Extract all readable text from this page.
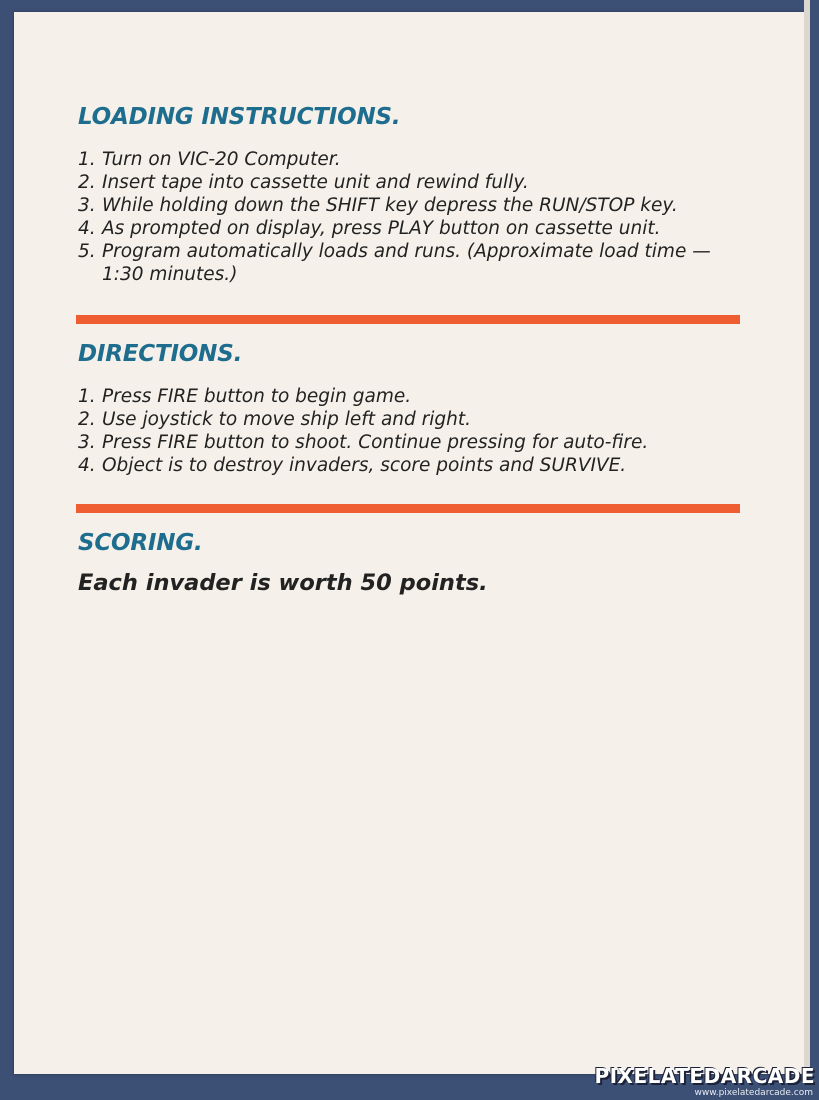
LOADING INSTRUCTIONS.
1. Turn on VIC-20 Computer.
2. Insert tape into cassette unit and rewind fully.
3. While holding down the SHIFT key depress the RUN/STOP key.
4. As prompted on display, press PLAY button on cassette unit.
5. Program automatically loads and runs. (Approximate load time — 1:30 minutes.)
DIRECTIONS.
1. Press FIRE button to begin game.
2. Use joystick to move ship left and right.
3. Press FIRE button to shoot. Continue pressing for auto-fire.
4. Object is to destroy invaders, score points and SURVIVE.
SCORING.
Each invader is worth 50 points.
PIXELATEDARCADE
www.pixelatedarcade.com
